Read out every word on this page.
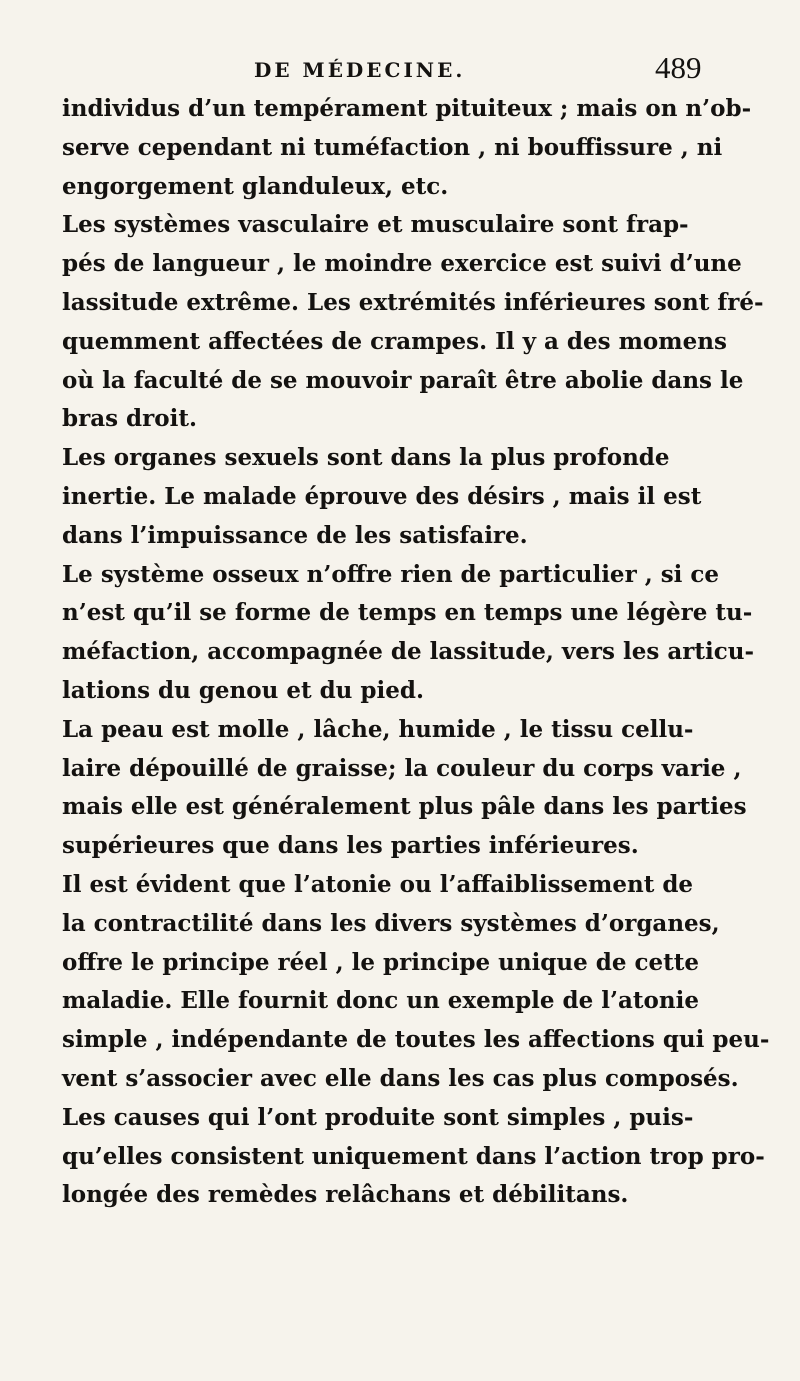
DE MÉDECINE.	489
individus d’un tempérament pituiteux ; mais on n’ob-
serve cependant ni tuméfaction , ni bouffissure , ni
engorgement glanduleux, etc.
Les systèmes vasculaire et musculaire sont frap-
pés de langueur , le moindre exercice est suivi d’une
lassitude extrême. Les extrémités inférieures sont fré-
quemment affectées de crampes. Il y a des momens
où la faculté de se mouvoir paraît être abolie dans le
bras droit.
Les organes sexuels sont dans la plus profonde
inertie. Le malade éprouve des désirs , mais il est
dans l’impuissance de les satisfaire.
Le système osseux n’offre rien de particulier , si ce
n’est qu’il se forme de temps en temps une légère tu-
méfaction, accompagnée de lassitude, vers les articu-
lations du genou et du pied.
La peau est molle , lâche, humide , le tissu cellu-
laire dépouillé de graisse; la couleur du corps varie ,
mais elle est généralement plus pâle dans les parties
supérieures que dans les parties inférieures.
Il est évident que l’atonie ou l’affaiblissement de
la contractilité dans les divers systèmes d’organes,
offre le principe réel , le principe unique de cette
maladie. Elle fournit donc un exemple de l’atonie
simple , indépendante de toutes les affections qui peu-
vent s’associer avec elle dans les cas plus composés.
Les causes qui l’ont produite sont simples , puis-
qu’elles consistent uniquement dans l’action trop pro-
longée des remèdes relâchans et débilitans.
